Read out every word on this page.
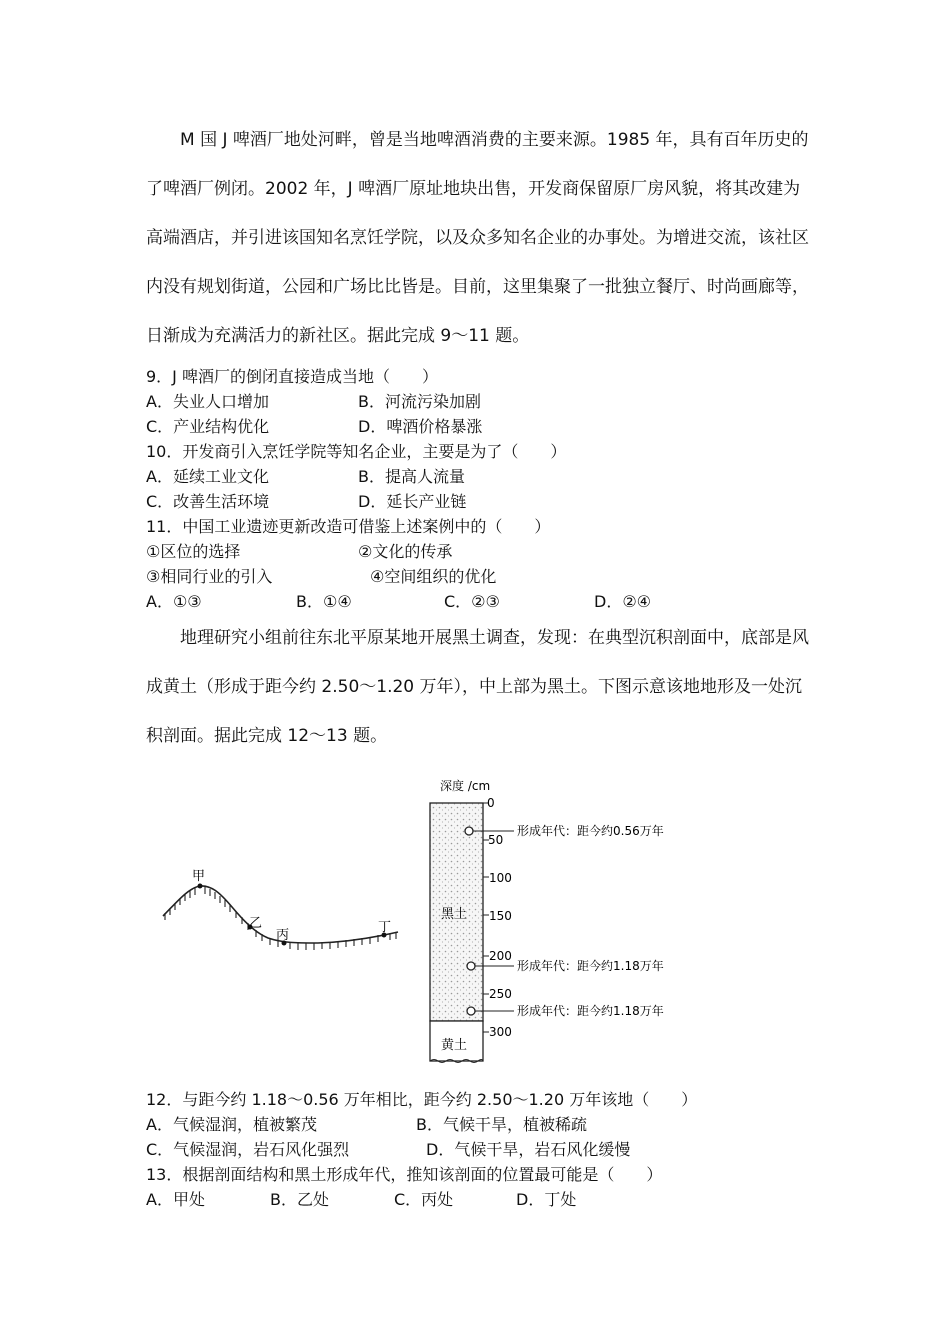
M 国 J 啤酒厂地处河畔，曾是当地啤酒消费的主要来源。1985 年，具有百年历史的了啤酒厂例闭。2002 年，J 啤酒厂原址地块出售，开发商保留原厂房风貌，将其改建为高端酒店，并引进该国知名烹饪学院，以及众多知名企业的办事处。为增进交流，该社区内没有规划街道，公园和广场比比皆是。目前，这里集聚了一批独立餐厅、时尚画廊等，日渐成为充满活力的新社区。据此完成 9～11 题。

9．J 啤酒厂的倒闭直接造成当地（　　）
A．失业人口增加	B．河流污染加剧
C．产业结构优化	D．啤酒价格暴涨
10．开发商引入烹饪学院等知名企业，主要是为了（　　）
A．延续工业文化	B．提高人流量
C．改善生活环境	D．延长产业链
11．中国工业遗迹更新改造可借鉴上述案例中的（　　）
①区位的选择	②文化的传承
③相同行业的引入	④空间组织的优化
A．①③	B．①④	C．②③	D．②④

地理研究小组前往东北平原某地开展黑土调查，发现：在典型沉积剖面中，底部是风成黄土（形成于距今约 2.50～1.20 万年），中上部为黑土。下图示意该地地形及一处沉积剖面。据此完成 12～13 题。

甲
乙
丙
丁
深度 /cm
黑土
黄土
0
50
100
150
200
250
300
形成年代：距今约0.56万年
形成年代：距今约1.18万年
形成年代：距今约1.18万年
12．与距今约 1.18～0.56 万年相比，距今约 2.50～1.20 万年该地（　　）
A．气候湿润，植被繁茂	B．气候干旱，植被稀疏
C．气候湿润，岩石风化强烈	D．气候干旱，岩石风化缓慢
13．根据剖面结构和黑土形成年代，推知该剖面的位置最可能是（　　）
A．甲处	B．乙处	C．丙处	D．丁处
